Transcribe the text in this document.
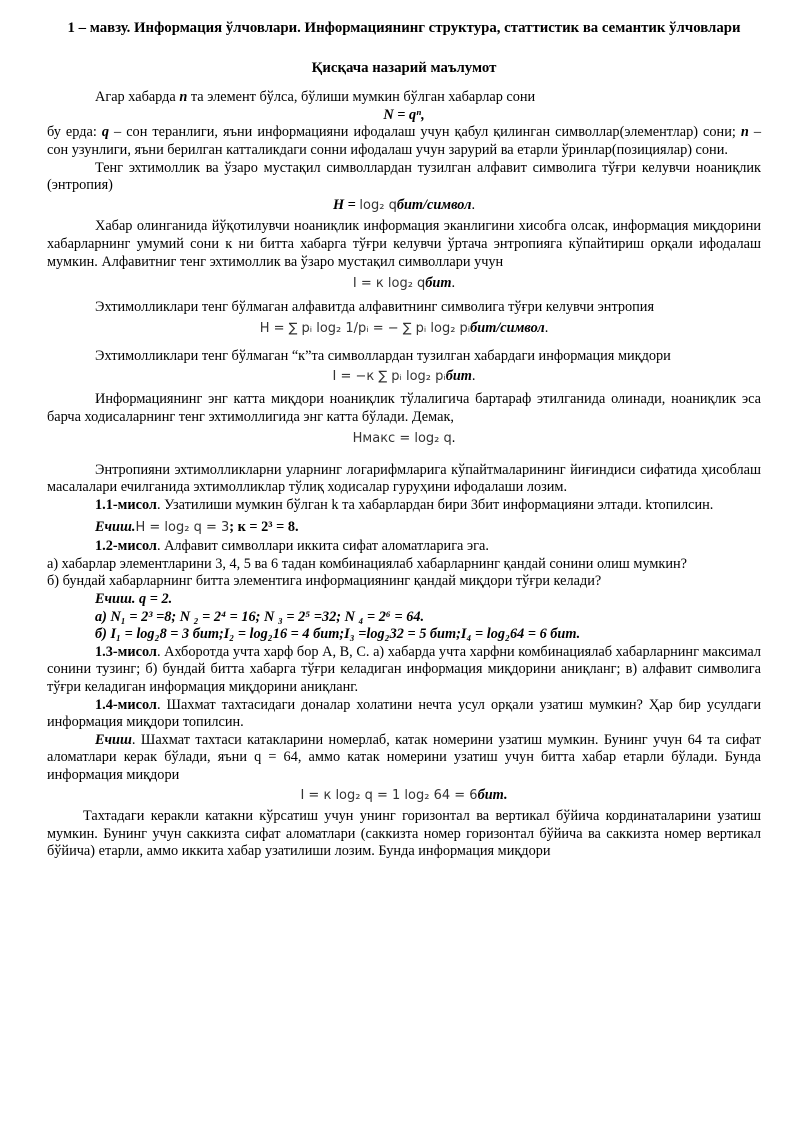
1 – мавзу. Информация ўлчовлари. Информациянинг структура, статтистик ва семантик ўлчовлари
Қисқача назарий маълумот

Агар хабарда n та элемент бўлса, бўлиши мумкин бўлган хабарлар сони

N = qⁿ,

бу ерда: q – сон теранлиги, яъни информацияни ифодалаш учун қабул қилинган символлар(элементлар) сони; n – сон узунлиги, яъни берилган катталикдаги сонни ифодалаш учун зарурий ва етарли ўринлар(позициялар) сони.

Тенг эхтимоллик ва ўзаро мустақил символлардан тузилган алфавит символига тўғри келувчи ноаниқлик (энтропия)

H = log₂ qбит/символ.

Хабар олинганида йўқотилувчи ноаниқлик информация эканлигини хисобга олсак, информация миқдорини хабарларнинг умумий сони к ни битта хабарга тўғри келувчи ўртача энтропияга кўпайтириш орқали ифодалаш мумкин. Алфавитниг тенг эхтимоллик ва ўзаро мустақил символлари учун

I = к log₂ qбит.

Эхтимолликлари тенг бўлмаган алфавитда алфавитнинг символига тўғри келувчи энтропия

H = ∑ pᵢ log₂ 1/pᵢ = − ∑ pᵢ log₂ pᵢбит/символ.

Эхтимолликлари тенг бўлмаган “к”та символлардан тузилган хабардаги информация миқдори

I = −к ∑ pᵢ log₂ pᵢбит.

Информациянинг энг катта миқдори ноаниқлик тўлалигича бартараф этилганида олинади, ноаниқлик эса барча ходисаларнинг тенг эхтимоллигида энг катта бўлади. Демак,

Hмакс = log₂ q.

Энтропияни эхтимолликларни уларнинг логарифмларига кўпайтмаларининг йиғиндиси сифатида ҳисоблаш масалалари ечилганида эхтимолликлар тўлиқ ходисалар гуруҳини ифодалаши лозим.

1.1-мисол. Узатилиши мумкин бўлган k та хабарлардан бири 3бит информацияни элтади. kтопилсин.

Ечиш.H = log₂ q = 3; к = 2³ = 8.

1.2-мисол. Алфавит символлари иккита сифат аломатларига эга.

а) хабарлар элементларини 3, 4, 5 ва 6 тадан комбинациялаб хабарларнинг қандай сонини олиш мумкин?

б) бундай хабарларнинг битта элементига информациянинг қандай миқдори тўғри келади?

Ечиш. q = 2.

а) N₁ = 2³ =8; N ₂ = 2⁴ = 16; N ₃ = 2⁵ =32; N ₄ = 2⁶ = 64.

б) I₁ = log₂8 = 3 бит;I₂ = log₂16 = 4 бит;I₃ =log₂32 = 5 бит;I₄ = log₂64 = 6 бит.

1.3-мисол. Ахборотда учта харф бор А, В, С. а) хабарда учта харфни комбинациялаб хабарларнинг максимал сонини тузинг; б) бундай битта хабарга тўғри келадиган информация миқдорини аниқланг; в) алфавит символига тўғри келадиган информация миқдорини аниқланг.

1.4-мисол. Шахмат тахтасидаги доналар холатини нечта усул орқали узатиш мумкин? Ҳар бир усулдаги информация миқдори топилсин.

Ечиш. Шахмат тахтаси катакларини номерлаб, катак номерини узатиш мумкин. Бунинг учун 64 та сифат аломатлари керак бўлади, яъни q = 64, аммо катак номерини узатиш учун битта хабар етарли бўлади. Бунда информация миқдори

I = к log₂ q = 1 log₂ 64 = 6бит.

Тахтадаги керакли катакни кўрсатиш учун унинг горизонтал ва вертикал бўйича кординаталарини узатиш мумкин. Бунинг учун саккизта сифат аломатлари (саккизта номер горизонтал бўйича ва саккизта номер вертикал бўйича) етарли, аммо иккита хабар узатилиши лозим. Бунда информация миқдори
